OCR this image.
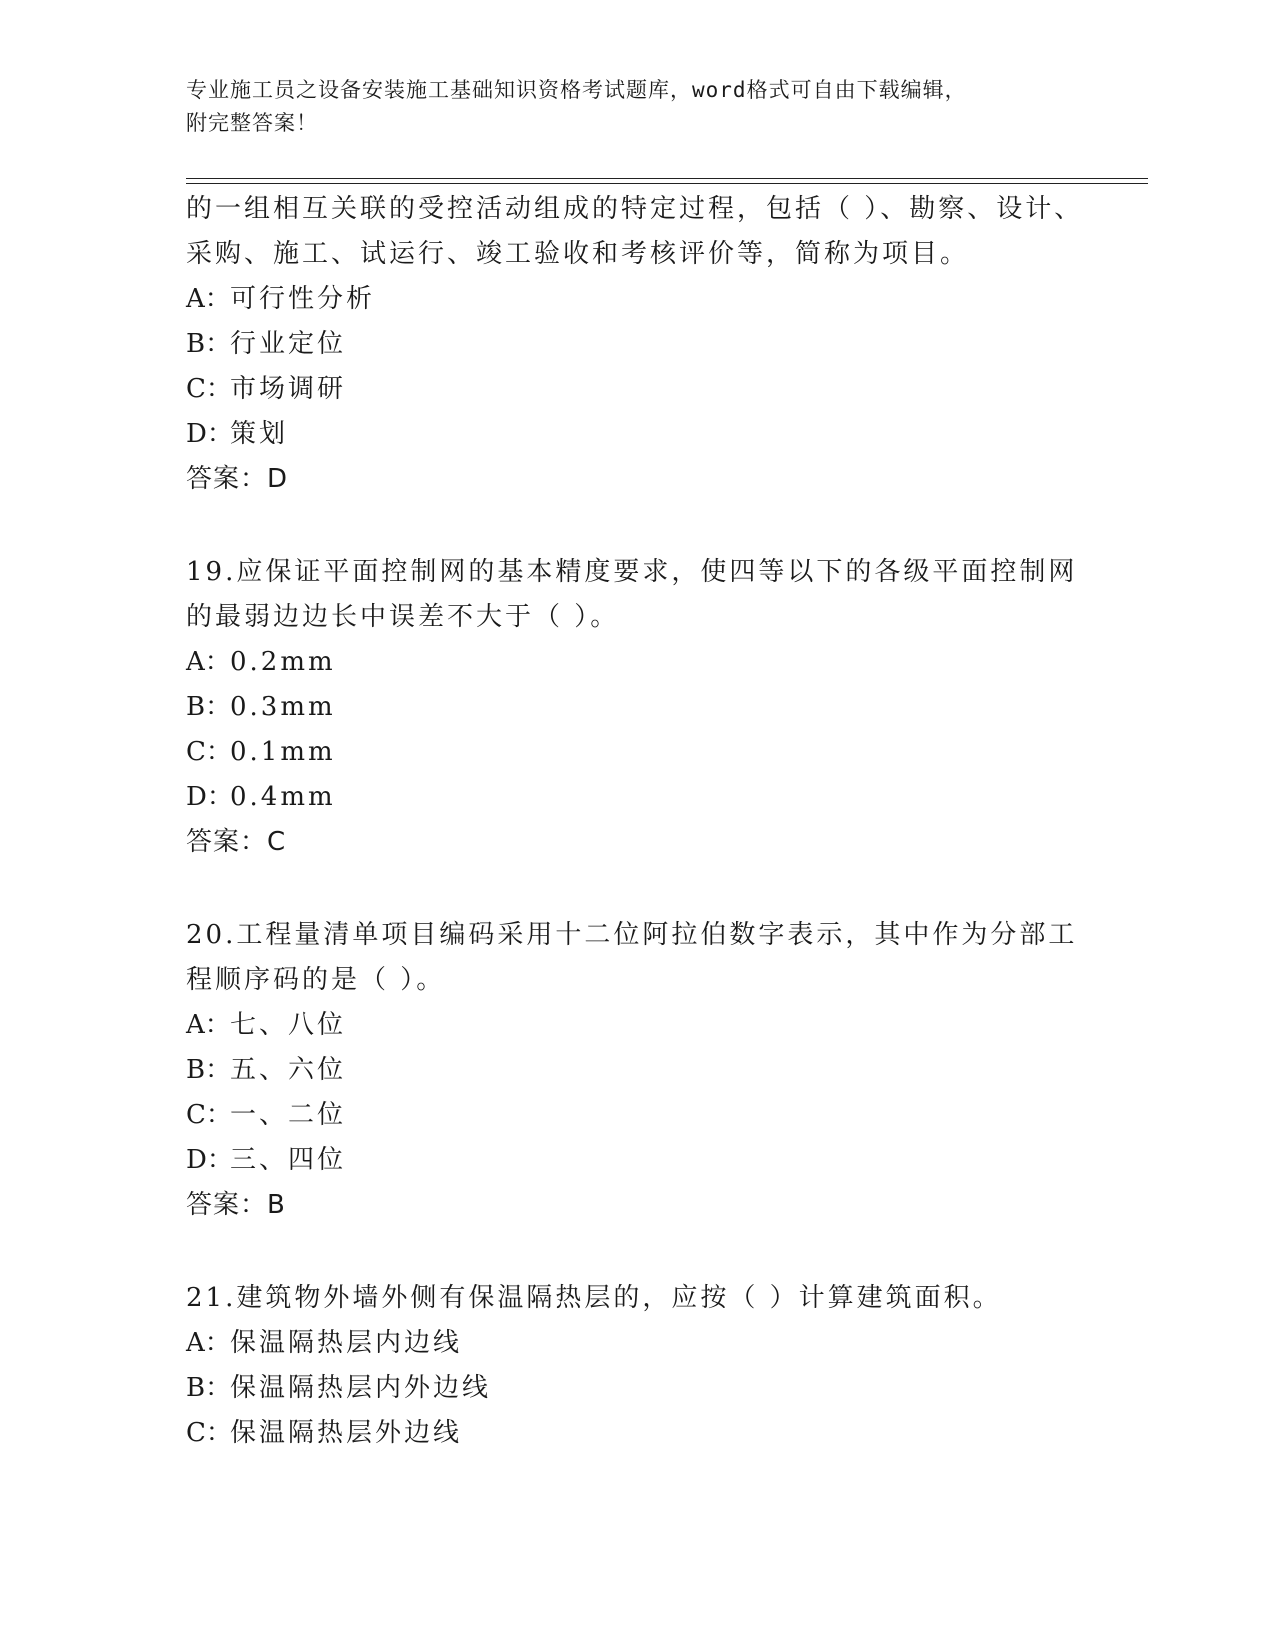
专业施工员之设备安装施工基础知识资格考试题库，word格式可自由下载编辑，
附完整答案！

的一组相互关联的受控活动组成的特定过程，包括（ ）、勘察、设计、采购、施工、试运行、竣工验收和考核评价等，简称为项目。

A：可行性分析
B：行业定位
C：市场调研
D：策划
答案：D

19.应保证平面控制网的基本精度要求，使四等以下的各级平面控制网的最弱边边长中误差不大于（ ）。

A：0.2mm
B：0.3mm
C：0.1mm
D：0.4mm
答案：C

20.工程量清单项目编码采用十二位阿拉伯数字表示，其中作为分部工程顺序码的是（ ）。

A：七、八位
B：五、六位
C：一、二位
D：三、四位
答案：B

21.建筑物外墙外侧有保温隔热层的，应按（ ）计算建筑面积。

A：保温隔热层内边线
B：保温隔热层内外边线
C：保温隔热层外边线
